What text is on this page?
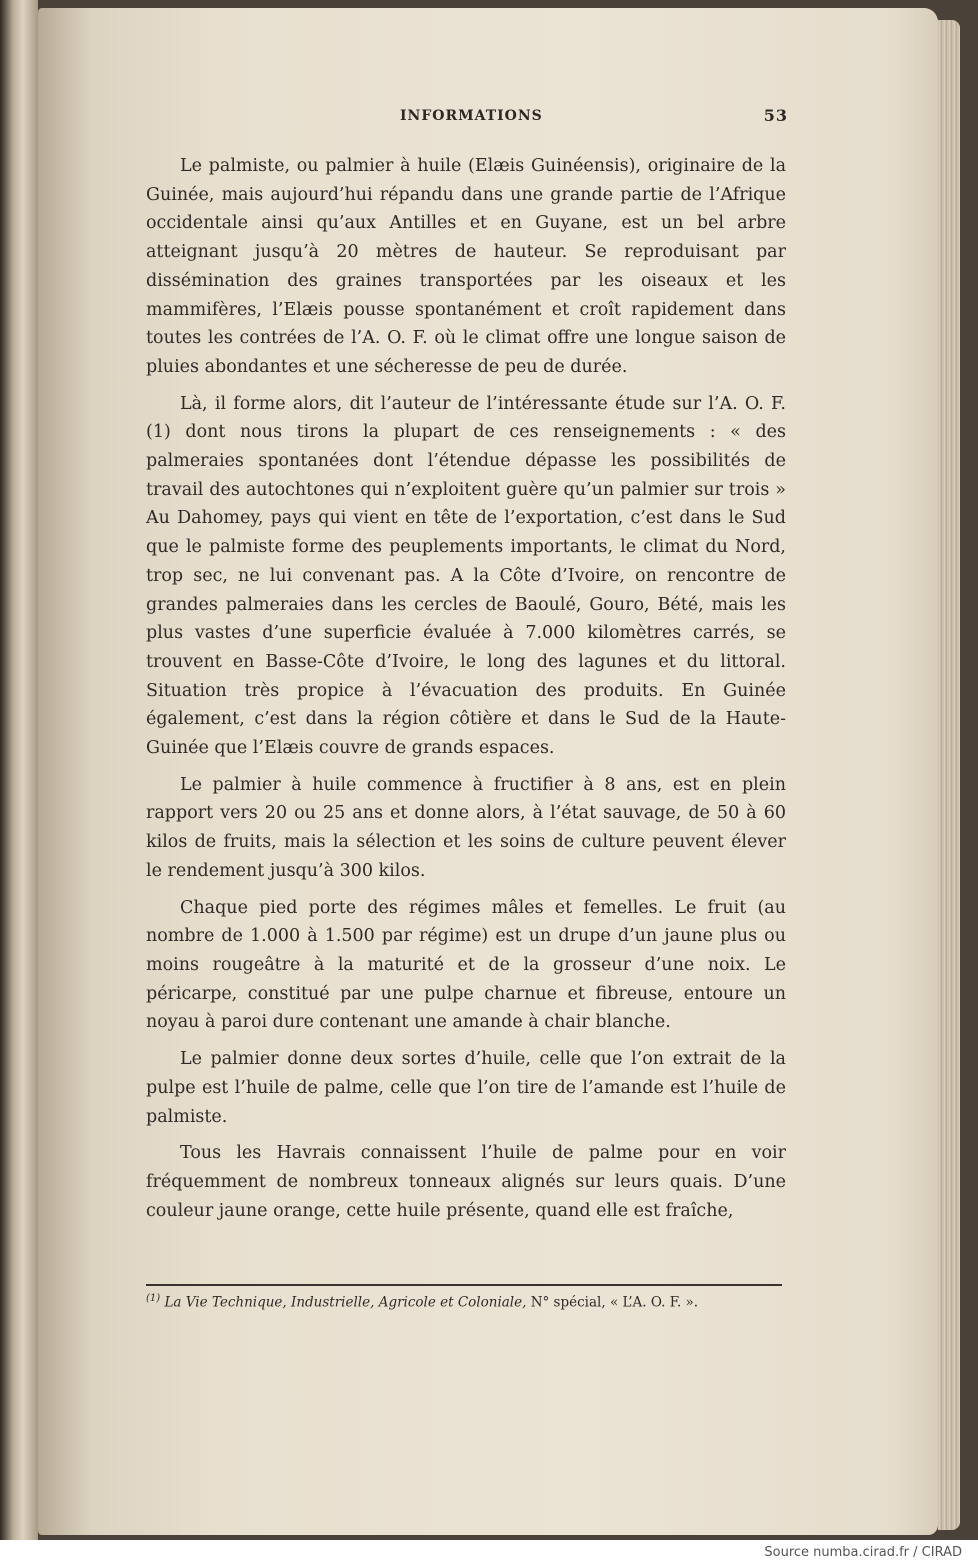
INFORMATIONS	53

Le palmiste, ou palmier à huile (Elæis Guinéensis), originaire de la Guinée, mais aujourd’hui répandu dans une grande partie de l’Afrique occidentale ainsi qu’aux Antilles et en Guyane, est un bel arbre atteignant jusqu’à 20 mètres de hauteur. Se reproduisant par dissémination des graines transportées par les oiseaux et les mammifères, l’Elæis pousse spontanément et croît rapidement dans toutes les contrées de l’A. O. F. où le climat offre une longue saison de pluies abondantes et une sécheresse de peu de durée.

Là, il forme alors, dit l’auteur de l’intéressante étude sur l’A. O. F. (1) dont nous tirons la plupart de ces renseignements : « des palmeraies spontanées dont l’étendue dépasse les possibilités de travail des autochtones qui n’exploitent guère qu’un palmier sur trois » Au Dahomey, pays qui vient en tête de l’exportation, c’est dans le Sud que le palmiste forme des peuplements importants, le climat du Nord, trop sec, ne lui convenant pas. A la Côte d’Ivoire, on rencontre de grandes palmeraies dans les cercles de Baoulé, Gouro, Bété, mais les plus vastes d’une superficie évaluée à 7.000 kilomètres carrés, se trouvent en Basse-Côte d’Ivoire, le long des lagunes et du littoral. Situation très propice à l’évacuation des produits. En Guinée également, c’est dans la région côtière et dans le Sud de la Haute-Guinée que l’Elæis couvre de grands espaces.

Le palmier à huile commence à fructifier à 8 ans, est en plein rapport vers 20 ou 25 ans et donne alors, à l’état sauvage, de 50 à 60 kilos de fruits, mais la sélection et les soins de culture peuvent élever le rendement jusqu’à 300 kilos.

Chaque pied porte des régimes mâles et femelles. Le fruit (au nombre de 1.000 à 1.500 par régime) est un drupe d’un jaune plus ou moins rougeâtre à la maturité et de la grosseur d’une noix. Le péricarpe, constitué par une pulpe charnue et fibreuse, entoure un noyau à paroi dure contenant une amande à chair blanche.

Le palmier donne deux sortes d’huile, celle que l’on extrait de la pulpe est l’huile de palme, celle que l’on tire de l’amande est l’huile de palmiste.

Tous les Havrais connaissent l’huile de palme pour en voir fréquemment de nombreux tonneaux alignés sur leurs quais. D’une couleur jaune orange, cette huile présente, quand elle est fraîche,

$^{(1)}$ La Vie Technique, Industrielle, Agricole et Coloniale, N° spécial, « L’A. O. F. ».
Source numba.cirad.fr / CIRAD
